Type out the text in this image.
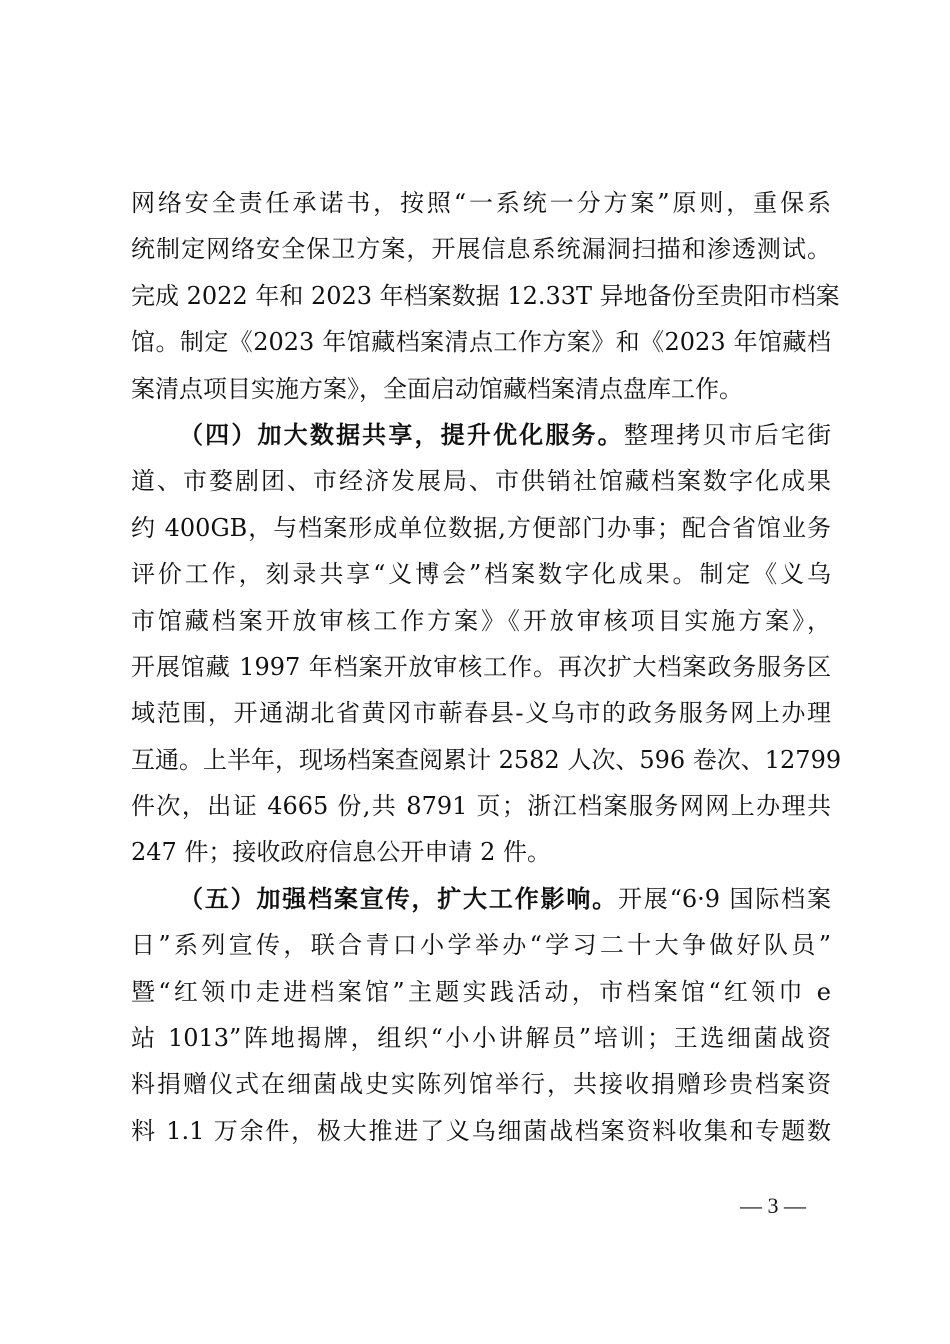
网络安全责任承诺书，按照“一系统一分方案”原则，重保系
统制定网络安全保卫方案，开展信息系统漏洞扫描和渗透测试。
完成 2022 年和 2023 年档案数据 12.33T 异地备份至贵阳市档案
馆。制定《2023 年馆藏档案清点工作方案》和《2023 年馆藏档
案清点项目实施方案》，全面启动馆藏档案清点盘库工作。
（四）加大数据共享，提升优化服务。整理拷贝市后宅街
道、市婺剧团、市经济发展局、市供销社馆藏档案数字化成果
约 400GB，与档案形成单位数据,方便部门办事；配合省馆业务
评价工作，刻录共享“义博会”档案数字化成果。制定《义乌
市馆藏档案开放审核工作方案》《开放审核项目实施方案》，
开展馆藏 1997 年档案开放审核工作。再次扩大档案政务服务区
域范围，开通湖北省黄冈市蕲春县-义乌市的政务服务网上办理
互通。上半年，现场档案查阅累计 2582 人次、596 卷次、12799
件次，出证 4665 份,共 8791 页；浙江档案服务网网上办理共
247 件；接收政府信息公开申请 2 件。
（五）加强档案宣传，扩大工作影响。开展“6·9 国际档案
日”系列宣传，联合青口小学举办“学习二十大争做好队员”
暨“红领巾走进档案馆”主题实践活动，市档案馆“红领巾 e
站 1013”阵地揭牌，组织“小小讲解员”培训；王选细菌战资
料捐赠仪式在细菌战史实陈列馆举行，共接收捐赠珍贵档案资
料 1.1 万余件，极大推进了义乌细菌战档案资料收集和专题数
— 3 —
